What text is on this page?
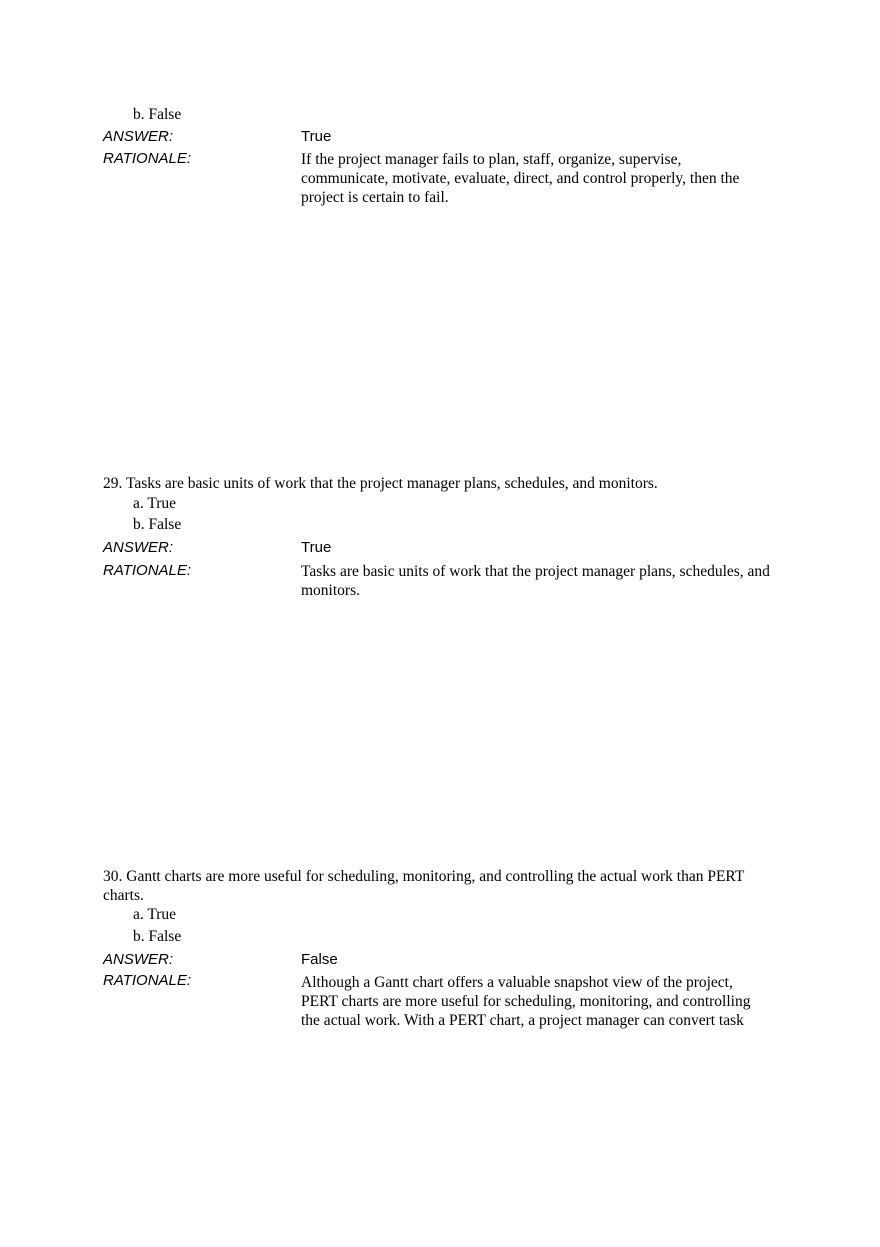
b. False
ANSWER:	True
RATIONALE:	If the project manager fails to plan, staff, organize, supervise, communicate, motivate, evaluate, direct, and control properly, then the project is certain to fail.
29. Tasks are basic units of work that the project manager plans, schedules, and monitors.
a. True
b. False
ANSWER:	True
RATIONALE:	Tasks are basic units of work that the project manager plans, schedules, and monitors.
30. Gantt charts are more useful for scheduling, monitoring, and controlling the actual work than PERT charts.
a. True
b. False
ANSWER:	False
RATIONALE:	Although a Gantt chart offers a valuable snapshot view of the project, PERT charts are more useful for scheduling, monitoring, and controlling the actual work. With a PERT chart, a project manager can convert task
